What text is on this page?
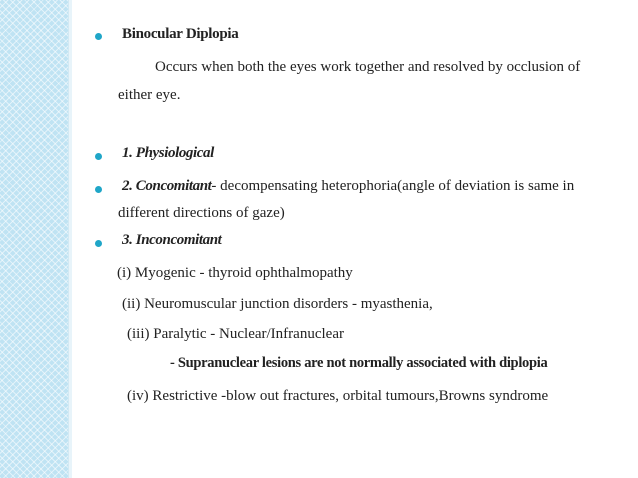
Binocular Diplopia
Occurs when both the eyes work together and resolved by occlusion of
either eye.
1. Physiological
2. Concomitant- decompensating heterophoria(angle of deviation is same in
different directions of gaze)
3. Inconcomitant
(i) Myogenic - thyroid ophthalmopathy
(ii) Neuromuscular junction disorders - myasthenia,
(iii) Paralytic - Nuclear/Infranuclear
- Supranuclear lesions are not normally associated with diplopia
(iv) Restrictive -blow out fractures, orbital tumours,Browns syndrome
